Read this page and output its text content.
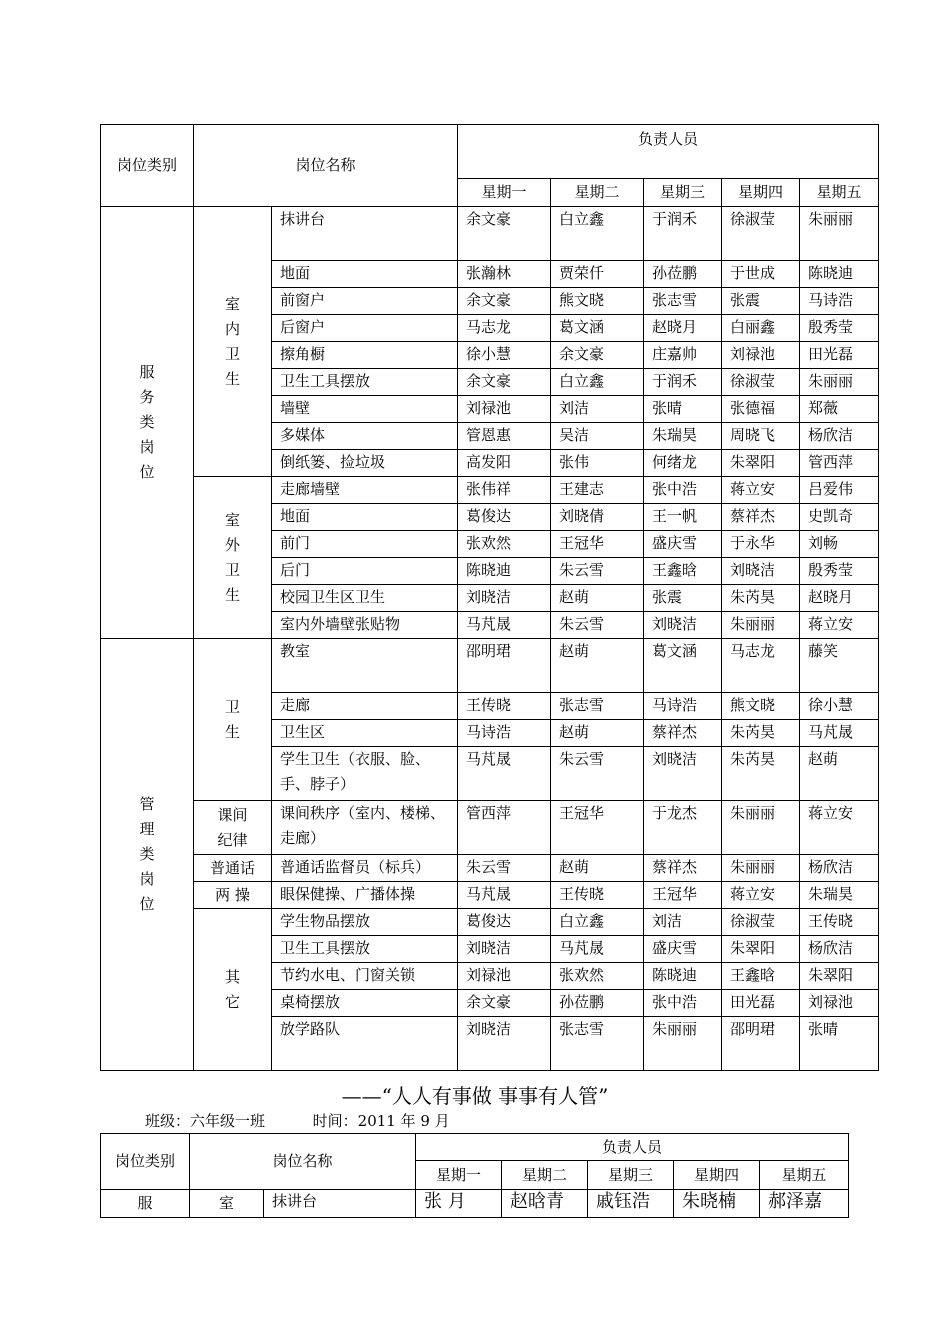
岗位类别	岗位名称		负责人员				
			星期一	星期二	星期三	星期四	星期五
服务类岗位	室内卫生	抹讲台	余文豪	白立鑫	于润禾	徐淑莹	朱丽丽
		地面	张瀚林	贾荣仟	孙莅鹏	于世成	陈晓迪
		前窗户	余文豪	熊文晓	张志雪	张震	马诗浩
		后窗户	马志龙	葛文涵	赵晓月	白丽鑫	殷秀莹
		擦角橱	徐小慧	余文豪	庄嘉帅	刘禄池	田光磊
		卫生工具摆放	余文豪	白立鑫	于润禾	徐淑莹	朱丽丽
		墙壁	刘禄池	刘洁	张晴	张德福	郑薇
		多媒体	管恩惠	吴洁	朱瑞昊	周晓飞	杨欣洁
		倒纸篓、捡垃圾	高发阳	张伟	何绪龙	朱翠阳	管西萍
	室外卫生	走廊墙壁	张伟祥	王建志	张中浩	蒋立安	吕爱伟
		地面	葛俊达	刘晓倩	王一帆	蔡祥杰	史凯奇
		前门	张欢然	王冠华	盛庆雪	于永华	刘畅
		后门	陈晓迪	朱云雪	王鑫晗	刘晓洁	殷秀莹
		校园卫生区卫生	刘晓洁	赵萌	张震	朱芮昊	赵晓月
		室内外墙壁张贴物	马芃晟	朱云雪	刘晓洁	朱丽丽	蒋立安
管理类岗位	卫生	教室	邵明珺	赵萌	葛文涵	马志龙	藤笑
		走廊	王传晓	张志雪	马诗浩	熊文晓	徐小慧
		卫生区	马诗浩	赵萌	蔡祥杰	朱芮昊	马芃晟
		学生卫生（衣服、脸、手、脖子）	马芃晟	朱云雪	刘晓洁	朱芮昊	赵萌
	课间纪律	课间秩序（室内、楼梯、走廊）	管西萍	王冠华	于龙杰	朱丽丽	蒋立安
	普通话	普通话监督员（标兵）	朱云雪	赵萌	蔡祥杰	朱丽丽	杨欣洁
	两 操	眼保健操、广播体操	马芃晟	王传晓	王冠华	蒋立安	朱瑞昊
	其它	学生物品摆放	葛俊达	白立鑫	刘洁	徐淑莹	王传晓
		卫生工具摆放	刘晓洁	马芃晟	盛庆雪	朱翠阳	杨欣洁
		节约水电、门窗关锁	刘禄池	张欢然	陈晓迪	王鑫晗	朱翠阳
		桌椅摆放	余文豪	孙莅鹏	张中浩	田光磊	刘禄池
		放学路队	刘晓洁	张志雪	朱丽丽	邵明珺	张晴
——“人人有事做 事事有人管”
班级：六年级一班          时间：2011 年 9 月
岗位类别	岗位名称		负责人员				
			星期一	星期二	星期三	星期四	星期五
服	室	抹讲台	张 月	赵晗青	戚钰浩	朱晓楠	郝泽嘉
